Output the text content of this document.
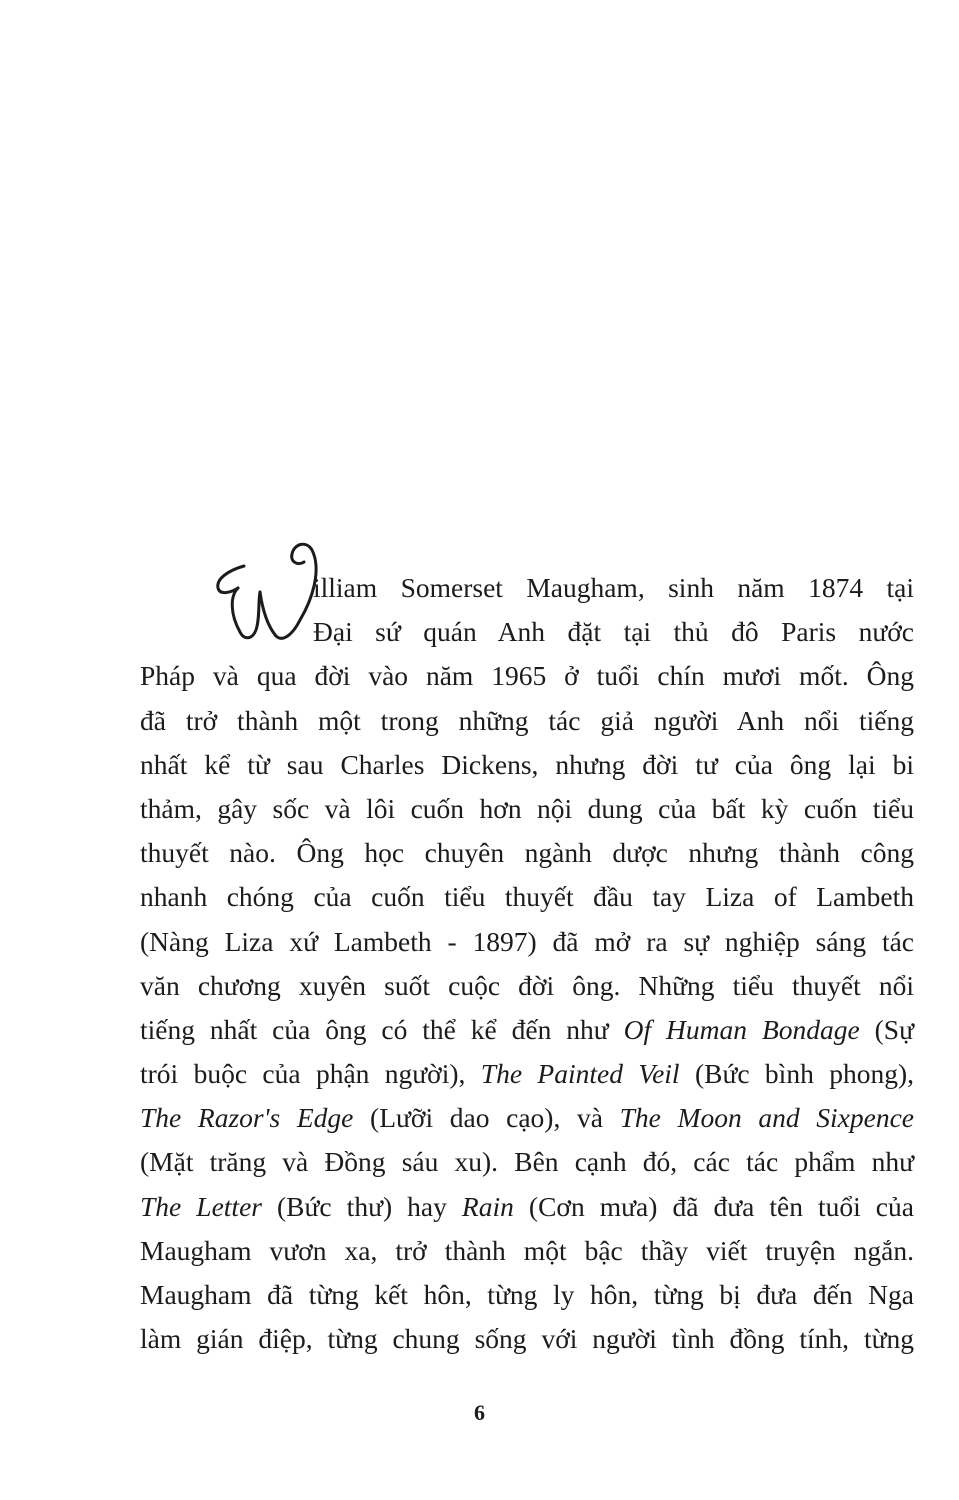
illiam Somerset Maugham, sinh năm 1874 tại
Đại sứ quán Anh đặt tại thủ đô Paris nước
Pháp và qua đời vào năm 1965 ở tuổi chín mươi mốt. Ông
đã trở thành một trong những tác giả người Anh nổi tiếng
nhất kể từ sau Charles Dickens, nhưng đời tư của ông lại bi
thảm, gây sốc và lôi cuốn hơn nội dung của bất kỳ cuốn tiểu
thuyết nào. Ông học chuyên ngành dược nhưng thành công
nhanh chóng của cuốn tiểu thuyết đầu tay Liza of Lambeth
(Nàng Liza xứ Lambeth - 1897) đã mở ra sự nghiệp sáng tác
văn chương xuyên suốt cuộc đời ông. Những tiểu thuyết nổi
tiếng nhất của ông có thể kể đến như Of Human Bondage (Sự
trói buộc của phận người), The Painted Veil (Bức bình phong),
The Razor's Edge (Lưỡi dao cạo), và The Moon and Sixpence
(Mặt trăng và Đồng sáu xu). Bên cạnh đó, các tác phẩm như
The Letter (Bức thư) hay Rain (Cơn mưa) đã đưa tên tuổi của
Maugham vươn xa, trở thành một bậc thầy viết truyện ngắn.
Maugham đã từng kết hôn, từng ly hôn, từng bị đưa đến Nga
làm gián điệp, từng chung sống với người tình đồng tính, từng
6
